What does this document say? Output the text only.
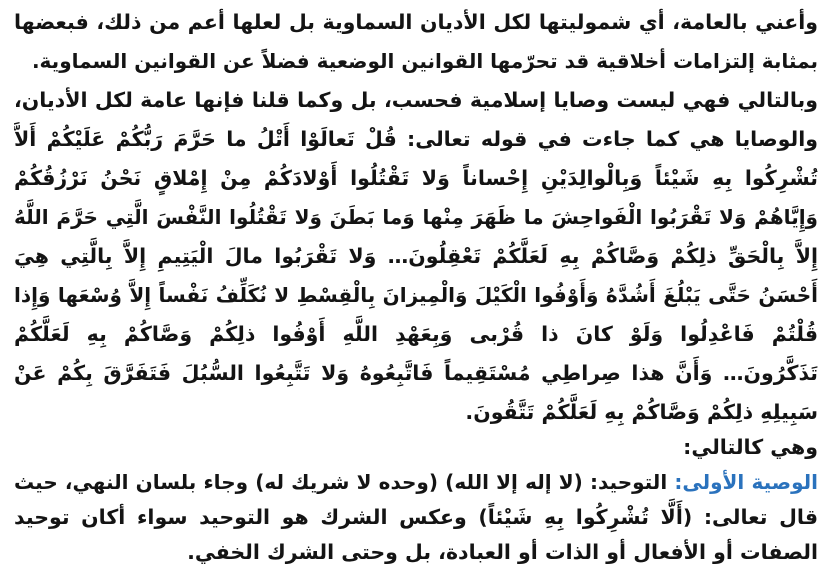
وأعني بالعامة، أي شموليتها لكل الأديان السماوية بل لعلها أعم من ذلك، فبعضها
بمثابة إلتزامات أخلاقية قد تحرّمها القوانين الوضعية فضلاً عن القوانين السماوية.
وبالتالي فهي ليست وصايا إسلامية فحسب، بل وكما قلنا فإنها عامة لكل الأديان،
والوصايا هي كما جاءت في قوله تعالى: قُلْ تَعالَوْا أَتْلُ ما حَرَّمَ رَبُّكُمْ عَلَيْكُمْ أَلاَّ
تُشْرِكُوا بِهِ شَيْئاً وَبِالْوالِدَيْنِ إِحْساناً وَلا تَقْتُلُوا أَوْلادَكُمْ مِنْ إِمْلاقٍ نَحْنُ نَرْزُقُكُمْ
وَإِيَّاهُمْ وَلا تَقْرَبُوا الْفَواحِشَ ما ظَهَرَ مِنْها وَما بَطَنَ وَلا تَقْتُلُوا النَّفْسَ الَّتِي حَرَّمَ اللَّهُ
إِلاَّ بِالْحَقِّ ذلِكُمْ وَصَّاكُمْ بِهِ لَعَلَّكُمْ تَعْقِلُونَ… وَلا تَقْرَبُوا مالَ الْيَتِيمِ إِلاَّ بِالَّتِي هِيَ
أَحْسَنُ حَتَّى يَبْلُغَ أَشُدَّهُ وَأَوْفُوا الْكَيْلَ وَالْمِيزانَ بِالْقِسْطِ لا نُكَلِّفُ نَفْساً إِلاَّ وُسْعَها وَإِذا
قُلْتُمْ فَاعْدِلُوا وَلَوْ كانَ ذا قُرْبى وَبِعَهْدِ اللَّهِ أَوْفُوا ذلِكُمْ وَصَّاكُمْ بِهِ لَعَلَّكُمْ
تَذَكَّرُونَ… وَأَنَّ هذا صِراطِي مُسْتَقِيماً فَاتَّبِعُوهُ وَلا تَتَّبِعُوا السُّبُلَ فَتَفَرَّقَ بِكُمْ عَنْ
سَبِيلِهِ ذلِكُمْ وَصَّاكُمْ بِهِ لَعَلَّكُمْ تَتَّقُونَ.
وهي كالتالي:
الوصية الأولى: التوحيد: (لا إله إلا الله) (وحده لا شريك له) وجاء بلسان النهي، حيث
قال تعالى: (أَلَّا تُشْرِكُوا بِهِ شَيْئاً) وعكس الشرك هو التوحيد سواء أكان توحيد
الصفات أو الأفعال أو الذات أو العبادة، بل وحتى الشرك الخفي.
